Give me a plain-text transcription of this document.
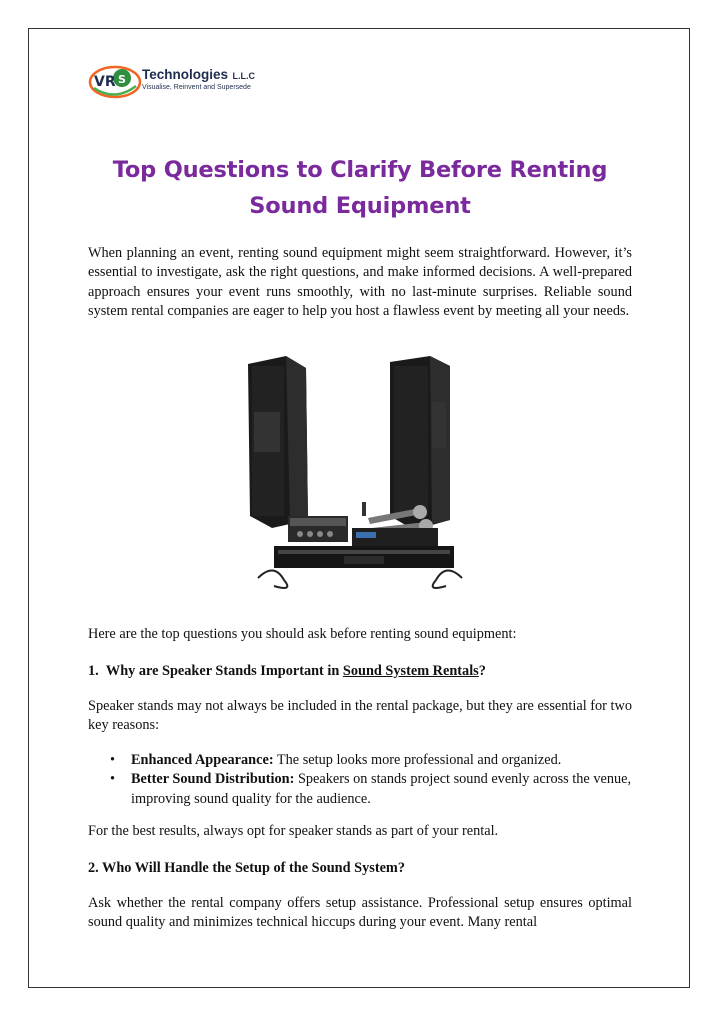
VR S Technologies L.L.C
Visualise, Reinvent and Supersede
Top Questions to Clarify Before Renting
Sound Equipment

When planning an event, renting sound equipment might seem straightforward. However, it’s essential to investigate, ask the right questions, and make informed decisions. A well-prepared approach ensures your event runs smoothly, with no last-minute surprises. Reliable sound system rental companies are eager to help you host a flawless event by meeting all your needs.

Here are the top questions you should ask before renting sound equipment:

1. Why are Speaker Stands Important in Sound System Rentals?

Speaker stands may not always be included in the rental package, but they are essential for two key reasons:

• Enhanced Appearance: The setup looks more professional and organized.
• Better Sound Distribution: Speakers on stands project sound evenly across the venue, improving sound quality for the audience.

For the best results, always opt for speaker stands as part of your rental.

2. Who Will Handle the Setup of the Sound System?

Ask whether the rental company offers setup assistance. Professional setup ensures optimal sound quality and minimizes technical hiccups during your event. Many rental
